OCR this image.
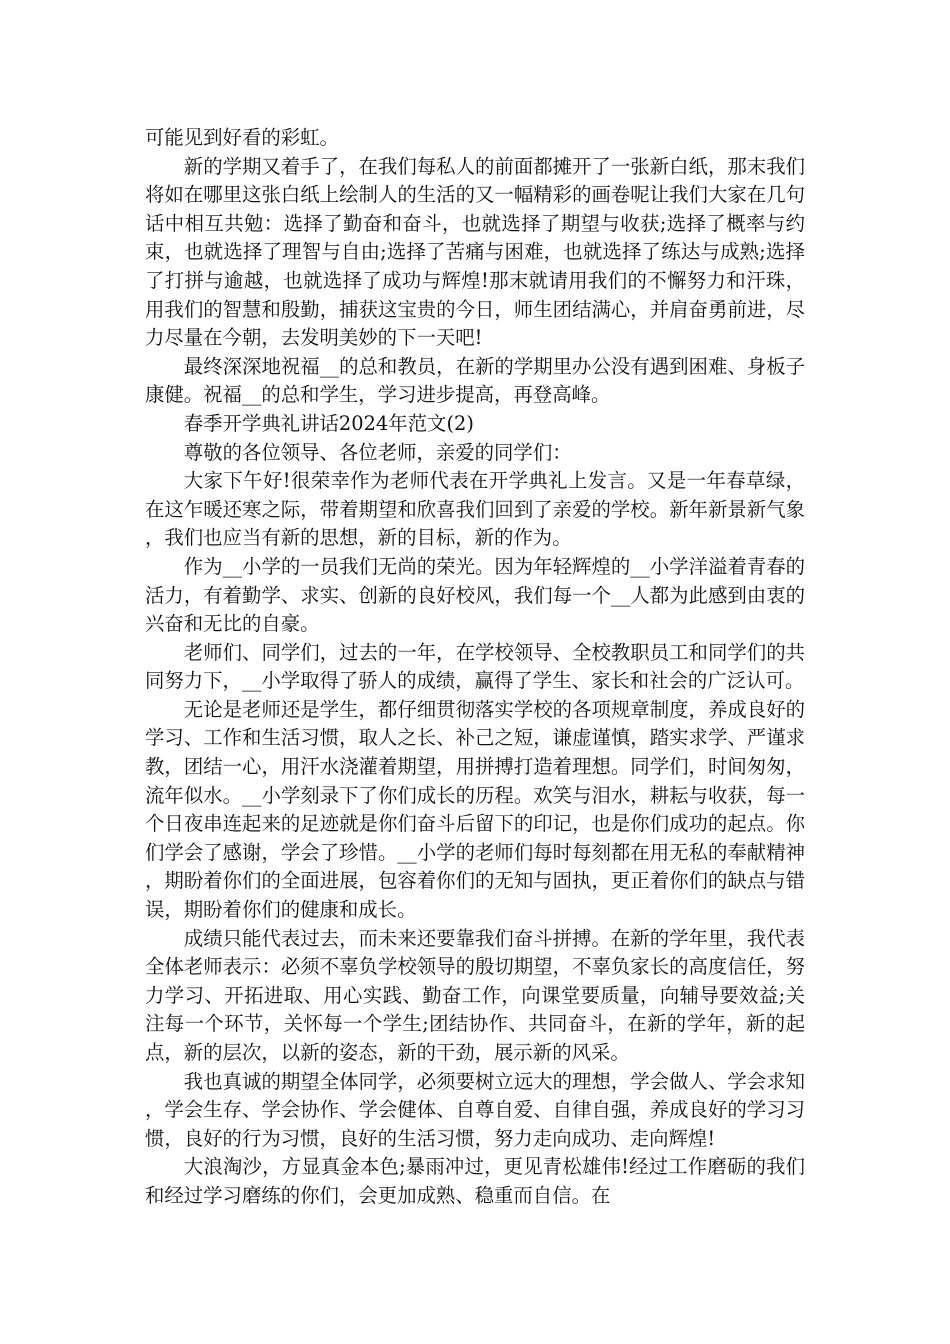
可能见到好看的彩虹。

新的学期又着手了，在我们每私人的前面都摊开了一张新白纸，那末我们将如在哪里这张白纸上绘制人的生活的又一幅精彩的画卷呢让我们大家在几句话中相互共勉：选择了勤奋和奋斗，也就选择了期望与收获;选择了概率与约束，也就选择了理智与自由;选择了苦痛与困难，也就选择了练达与成熟;选择了打拼与逾越，也就选择了成功与辉煌!那末就请用我们的不懈努力和汗珠，用我们的智慧和殷勤，捕获这宝贵的今日，师生团结满心，并肩奋勇前进，尽力尽量在今朝，去发明美妙的下一天吧!

最终深深地祝福__的总和教员，在新的学期里办公没有遇到困难、身板子康健。祝福__的总和学生，学习进步提高，再登高峰。

春季开学典礼讲话2024年范文(2)

尊敬的各位领导、各位老师，亲爱的同学们：

大家下午好!很荣幸作为老师代表在开学典礼上发言。又是一年春草绿，在这乍暖还寒之际，带着期望和欣喜我们回到了亲爱的学校。新年新景新气象，我们也应当有新的思想，新的目标，新的作为。

作为__小学的一员我们无尚的荣光。因为年轻辉煌的__小学洋溢着青春的活力，有着勤学、求实、创新的良好校风，我们每一个__人都为此感到由衷的兴奋和无比的自豪。

老师们、同学们，过去的一年，在学校领导、全校教职员工和同学们的共同努力下，__小学取得了骄人的成绩，赢得了学生、家长和社会的广泛认可。

无论是老师还是学生，都仔细贯彻落实学校的各项规章制度，养成良好的学习、工作和生活习惯，取人之长、补己之短，谦虚谨慎，踏实求学、严谨求教，团结一心，用汗水浇灌着期望，用拼搏打造着理想。同学们，时间匆匆，流年似水。__小学刻录下了你们成长的历程。欢笑与泪水，耕耘与收获，每一个日夜串连起来的足迹就是你们奋斗后留下的印记，也是你们成功的起点。你们学会了感谢，学会了珍惜。__小学的老师们每时每刻都在用无私的奉献精神，期盼着你们的全面进展，包容着你们的无知与固执，更正着你们的缺点与错误，期盼着你们的健康和成长。

成绩只能代表过去，而未来还要靠我们奋斗拼搏。在新的学年里，我代表全体老师表示：必须不辜负学校领导的殷切期望，不辜负家长的高度信任，努力学习、开拓进取、用心实践、勤奋工作，向课堂要质量，向辅导要效益;关注每一个环节，关怀每一个学生;团结协作、共同奋斗，在新的学年，新的起点，新的层次，以新的姿态，新的干劲，展示新的风采。

我也真诚的期望全体同学，必须要树立远大的理想，学会做人、学会求知，学会生存、学会协作、学会健体、自尊自爱、自律自强，养成良好的学习习惯，良好的行为习惯，良好的生活习惯，努力走向成功、走向辉煌!

大浪淘沙，方显真金本色;暴雨冲过，更见青松雄伟!经过工作磨砺的我们和经过学习磨练的你们，会更加成熟、稳重而自信。在
